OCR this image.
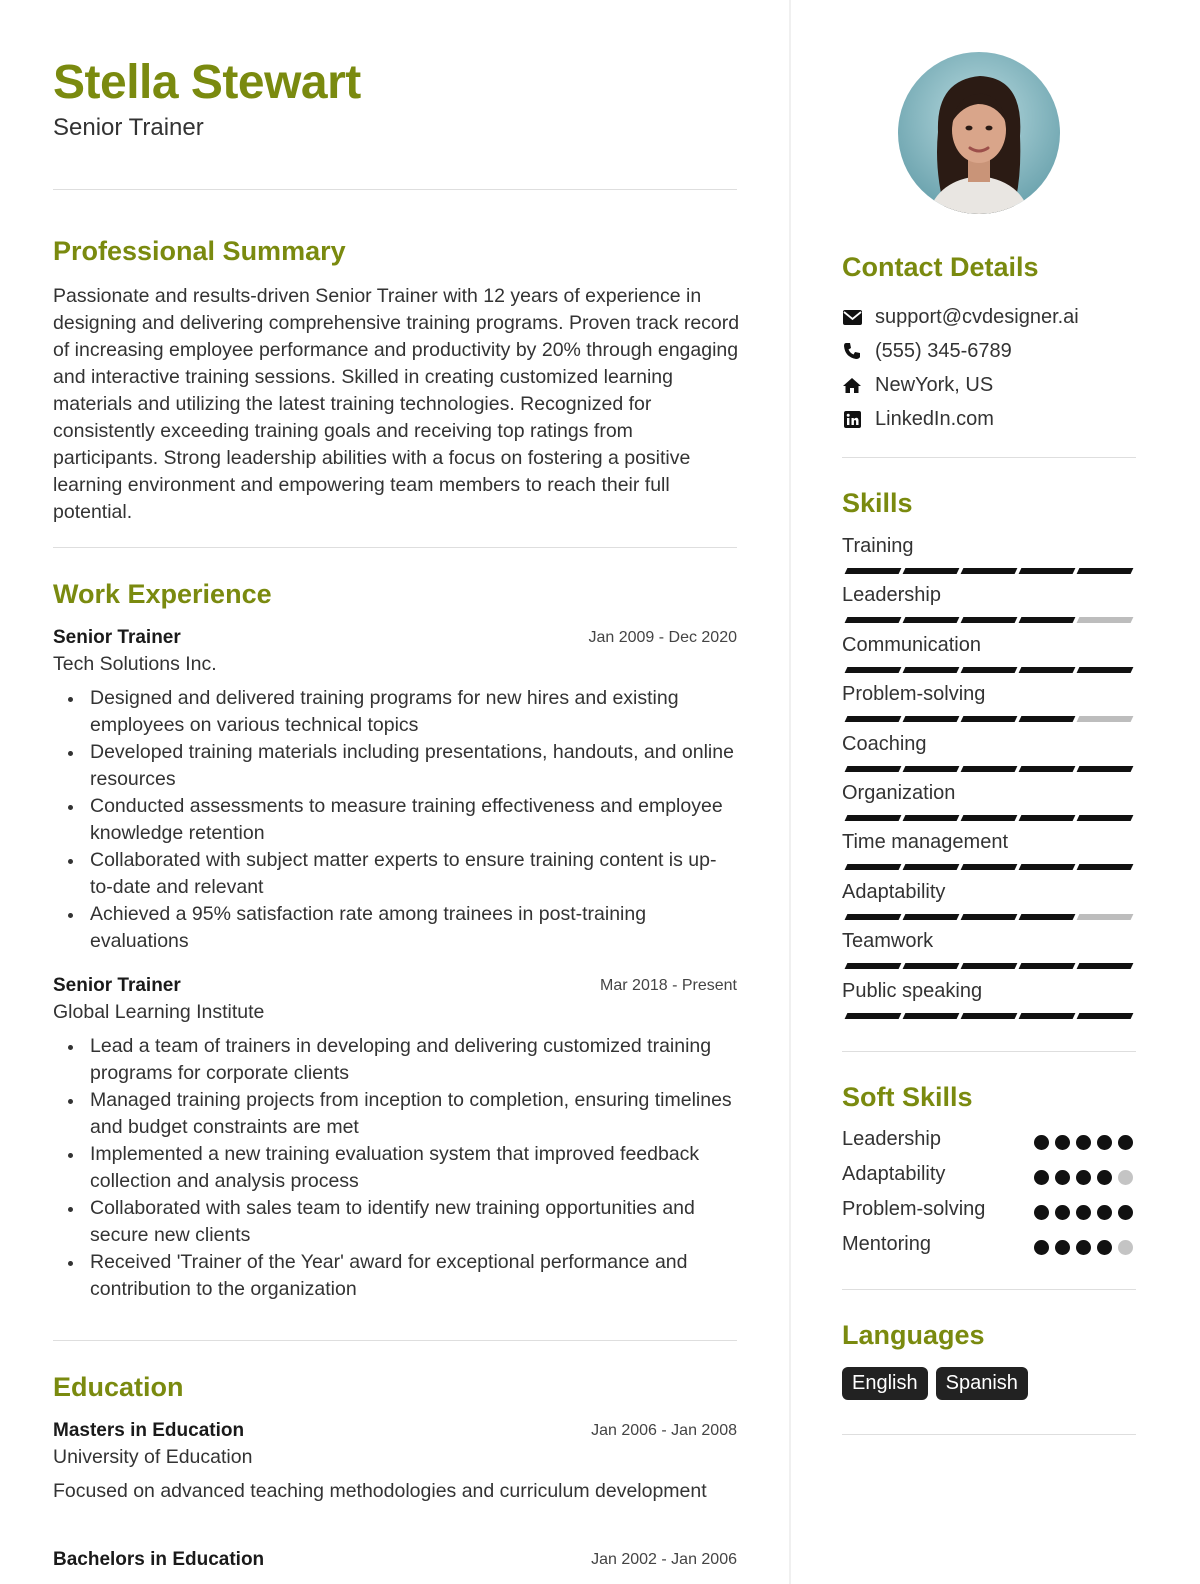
Stella Stewart
Senior Trainer
Professional Summary
Passionate and results-driven Senior Trainer with 12 years of experience in designing and delivering comprehensive training programs. Proven track record of increasing employee performance and productivity by 20% through engaging and interactive training sessions. Skilled in creating customized learning materials and utilizing the latest training technologies. Recognized for consistently exceeding training goals and receiving top ratings from participants. Strong leadership abilities with a focus on fostering a positive learning environment and empowering team members to reach their full potential.
Work Experience
Senior Trainer	Jan 2009 - Dec 2020
Tech Solutions Inc.
Designed and delivered training programs for new hires and existing employees on various technical topics
Developed training materials including presentations, handouts, and online resources
Conducted assessments to measure training effectiveness and employee knowledge retention
Collaborated with subject matter experts to ensure training content is up-to-date and relevant
Achieved a 95% satisfaction rate among trainees in post-training evaluations
Senior Trainer	Mar 2018 - Present
Global Learning Institute
Lead a team of trainers in developing and delivering customized training programs for corporate clients
Managed training projects from inception to completion, ensuring timelines and budget constraints are met
Implemented a new training evaluation system that improved feedback collection and analysis process
Collaborated with sales team to identify new training opportunities and secure new clients
Received 'Trainer of the Year' award for exceptional performance and contribution to the organization
Education
Masters in Education	Jan 2006 - Jan 2008
University of Education
Focused on advanced teaching methodologies and curriculum development
Bachelors in Education	Jan 2002 - Jan 2006
Contact Details
support@cvdesigner.ai
(555) 345-6789
NewYork, US
LinkedIn.com
Skills
Training
Leadership
Communication
Problem-solving
Coaching
Organization
Time management
Adaptability
Teamwork
Public speaking
Soft Skills
Leadership
Adaptability
Problem-solving
Mentoring
Languages
English	Spanish
